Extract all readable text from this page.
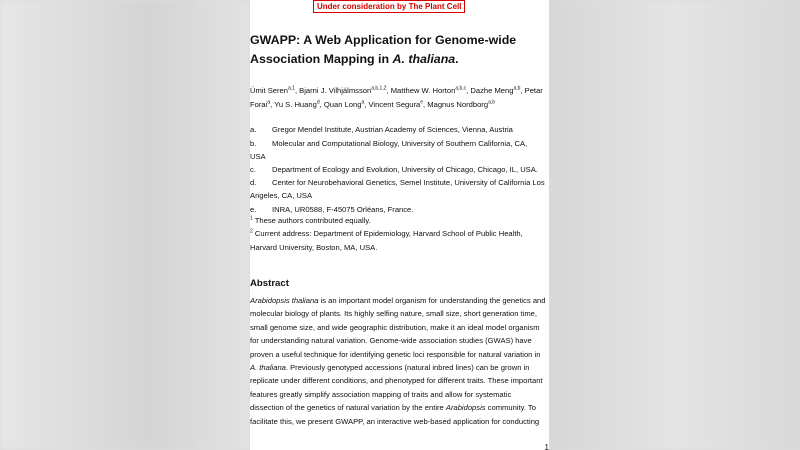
Under consideration by The Plant Cell
GWAPP: A Web Application for Genome-wide
Association Mapping in A. thaliana.
Ümit Seren$^{a,1}$, Bjarni J. Vilhjálmsson$^{a,b,1,2}$, Matthew W. Horton$^{a,b,c}$, Dazhe Meng$^{a,b}$, Petar Forai$^a$, Yu S. Huang$^d$, Quan Long$^a$, Vincent Segura$^e$, Magnus Nordborg$^{a,b}$
a. Gregor Mendel Institute, Austrian Academy of Sciences, Vienna, Austria
b. Molecular and Computational Biology, University of Southern California, CA,
USA
c. Department of Ecology and Evolution, University of Chicago, Chicago, IL, USA.
d. Center for Neurobehavioral Genetics, Semel Institute, University of California Los
Angeles, CA, USA
e. INRA, UR0588, F-45075 Orléans, France.
$^1$ These authors contributed equally.
$^2$ Current address: Department of Epidemiology, Harvard School of Public Health,
Harvard University, Boston, MA, USA.
Abstract
Arabidopsis thaliana is an important model organism for understanding the genetics and
molecular biology of plants. Its highly selfing nature, small size, short generation time,
small genome size, and wide geographic distribution, make it an ideal model organism
for understanding natural variation. Genome-wide association studies (GWAS) have
proven a useful technique for identifying genetic loci responsible for natural variation in
A. thaliana. Previously genotyped accessions (natural inbred lines) can be grown in
replicate under different conditions, and phenotyped for different traits. These important
features greatly simplify association mapping of traits and allow for systematic
dissection of the genetics of natural variation by the entire Arabidopsis community. To
facilitate this, we present GWAPP, an interactive web-based application for conducting
1
